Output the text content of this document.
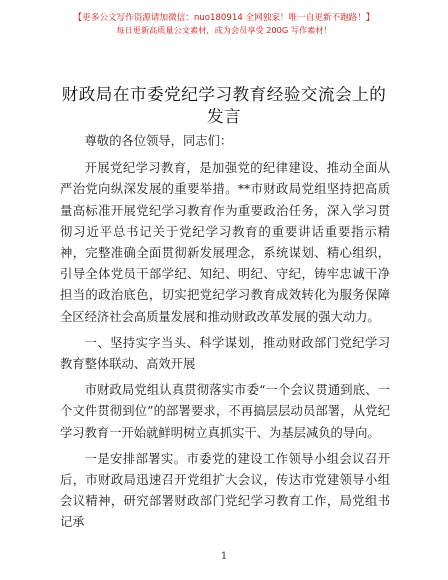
【更多公文写作资源请加微信：nuo180914 全网独家！唯一自更新不跑路！】
每日更新高质量公文素材，成为会员享受 200G 写作素材！
财政局在市委党纪学习教育经验交流会上的发言

尊敬的各位领导，同志们：

开展党纪学习教育，是加强党的纪律建设、推动全面从严治党向纵深发展的重要举措。**市财政局党组坚持把高质量高标准开展党纪学习教育作为重要政治任务，深入学习贯彻习近平总书记关于党纪学习教育的重要讲话重要指示精神，完整准确全面贯彻新发展理念，系统谋划、精心组织，引导全体党员干部学纪、知纪、明纪、守纪，铸牢忠诚干净担当的政治底色，切实把党纪学习教育成效转化为服务保障全区经济社会高质量发展和推动财政改革发展的强大动力。

一、坚持实字当头、科学谋划，推动财政部门党纪学习教育整体联动、高效开展

市财政局党组认真贯彻落实市委“一个会议贯通到底、一个文件贯彻到位”的部署要求，不再搞层层动员部署，从党纪学习教育一开始就鲜明树立真抓实干、为基层减负的导向。

一是安排部署实。市委党的建设工作领导小组会议召开后，市财政局迅速召开党组扩大会议，传达市党建领导小组会议精神，研究部署财政部门党纪学习教育工作，局党组书记承

1
